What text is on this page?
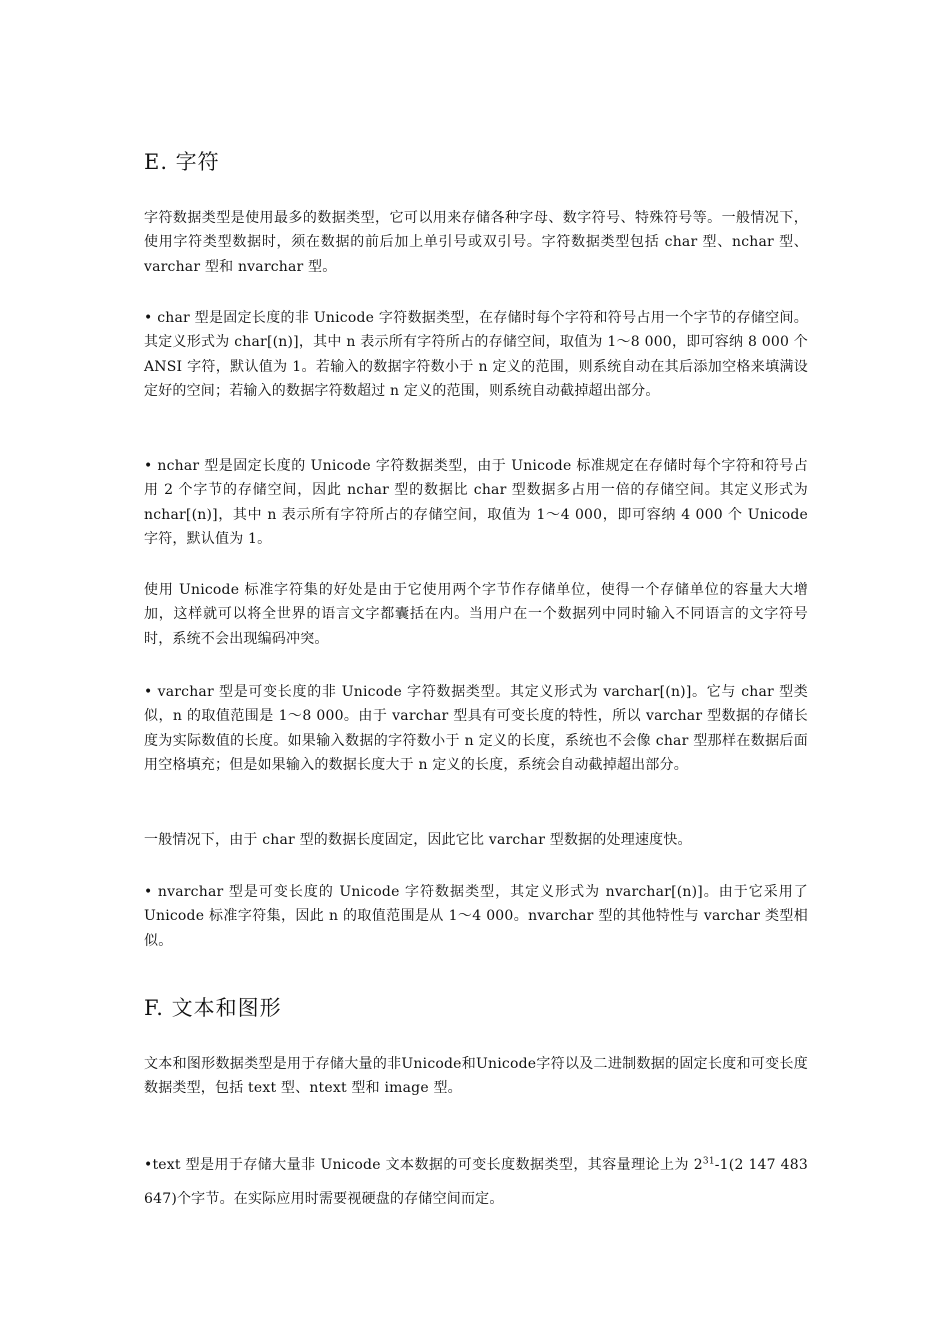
E. 字符

字符数据类型是使用最多的数据类型，它可以用来存储各种字母、数字符号、特殊符号等。一般情况下，使用字符类型数据时，须在数据的前后加上单引号或双引号。字符数据类型包括 char 型、nchar 型、varchar 型和 nvarchar 型。

• char 型是固定长度的非 Unicode 字符数据类型，在存储时每个字符和符号占用一个字节的存储空间。其定义形式为 char[(n)]，其中 n 表示所有字符所占的存储空间，取值为 1～8 000，即可容纳 8 000 个 ANSI 字符，默认值为 1。若输入的数据字符数小于 n 定义的范围，则系统自动在其后添加空格来填满设定好的空间；若输入的数据字符数超过 n 定义的范围，则系统自动截掉超出部分。

• nchar 型是固定长度的 Unicode 字符数据类型，由于 Unicode 标准规定在存储时每个字符和符号占用 2 个字节的存储空间，因此 nchar 型的数据比 char 型数据多占用一倍的存储空间。其定义形式为 nchar[(n)]，其中 n 表示所有字符所占的存储空间，取值为 1～4 000，即可容纳 4 000 个 Unicode 字符，默认值为 1。

使用 Unicode 标准字符集的好处是由于它使用两个字节作存储单位，使得一个存储单位的容量大大增加，这样就可以将全世界的语言文字都囊括在内。当用户在一个数据列中同时输入不同语言的文字符号时，系统不会出现编码冲突。

• varchar 型是可变长度的非 Unicode 字符数据类型。其定义形式为 varchar[(n)]。它与 char 型类似，n 的取值范围是 1～8 000。由于 varchar 型具有可变长度的特性，所以 varchar 型数据的存储长度为实际数值的长度。如果输入数据的字符数小于 n 定义的长度，系统也不会像 char 型那样在数据后面用空格填充；但是如果输入的数据长度大于 n 定义的长度，系统会自动截掉超出部分。

一般情况下，由于 char 型的数据长度固定，因此它比 varchar 型数据的处理速度快。

• nvarchar 型是可变长度的 Unicode 字符数据类型，其定义形式为 nvarchar[(n)]。由于它采用了 Unicode 标准字符集，因此 n 的取值范围是从 1～4 000。nvarchar 型的其他特性与 varchar 类型相似。

F. 文本和图形

文本和图形数据类型是用于存储大量的非Unicode和Unicode字符以及二进制数据的固定长度和可变长度数据类型，包括 text 型、ntext 型和 image 型。

•text 型是用于存储大量非 Unicode 文本数据的可变长度数据类型，其容量理论上为 $2^{31}-1(2$ 147 483 647)个字节。在实际应用时需要视硬盘的存储空间而定。
